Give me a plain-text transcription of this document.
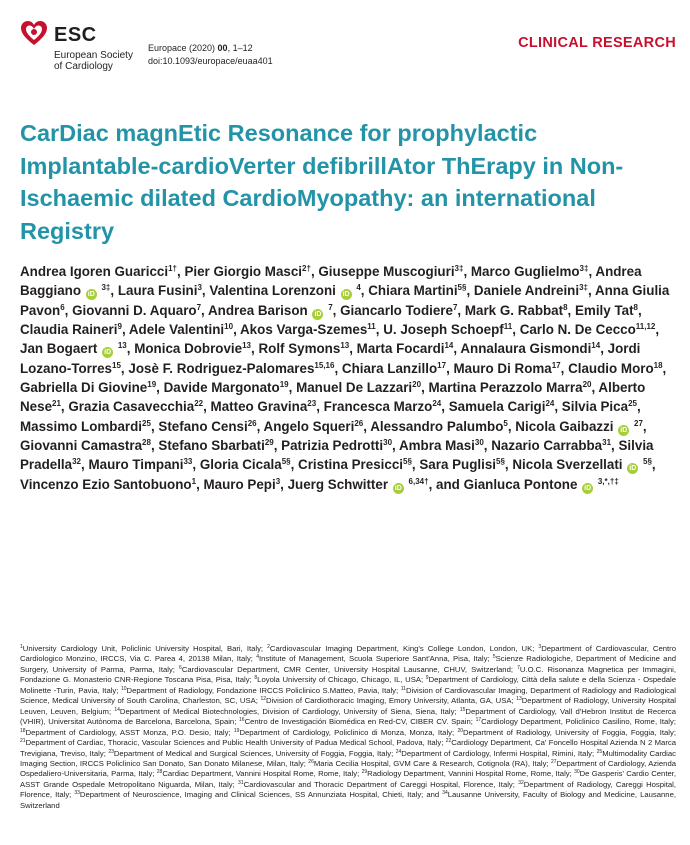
ESC
European Society of Cardiology
Europace (2020) 00, 1–12
doi:10.1093/europace/euaa401
CLINICAL RESEARCH
CarDiac magnEtic Resonance for prophylactic Implantable-cardioVerter defibrillAtor ThErapy in Non-Ischaemic dilated CardioMyopathy: an international Registry
Andrea Igoren Guaricci$^{1\dagger}$, Pier Giorgio Masci$^{2\dagger}$, Giuseppe Muscogiuri$^{3\ddagger}$, Marco Guglielmo$^{3\ddagger}$, Andrea Baggiano iD $^{3\ddagger}$, Laura Fusini$^3$, Valentina Lorenzoni iD $^4$, Chiara Martini$^{5\S}$, Daniele Andreini$^{3\ddagger}$, Anna Giulia Pavon$^6$, Giovanni D. Aquaro$^7$, Andrea Barison iD $^7$, Giancarlo Todiere$^7$, Mark G. Rabbat$^8$, Emily Tat$^8$, Claudia Raineri$^9$, Adele Valentini$^{10}$, Akos Varga-Szemes$^{11}$, U. Joseph Schoepf$^{11}$, Carlo N. De Cecco$^{11,12}$, Jan Bogaert iD $^{13}$, Monica Dobrovie$^{13}$, Rolf Symons$^{13}$, Marta Focardi$^{14}$, Annalaura Gismondi$^{14}$, Jordi Lozano-Torres$^{15}$, Josè F. Rodriguez-Palomares$^{15,16}$, Chiara Lanzillo$^{17}$, Mauro Di Roma$^{17}$, Claudio Moro$^{18}$, Gabriella Di Giovine$^{19}$, Davide Margonato$^{19}$, Manuel De Lazzari$^{20}$, Martina Perazzolo Marra$^{20}$, Alberto Nese$^{21}$, Grazia Casavecchia$^{22}$, Matteo Gravina$^{23}$, Francesca Marzo$^{24}$, Samuela Carigi$^{24}$, Silvia Pica$^{25}$, Massimo Lombardi$^{25}$, Stefano Censi$^{26}$, Angelo Squeri$^{26}$, Alessandro Palumbo$^5$, Nicola Gaibazzi iD $^{27}$, Giovanni Camastra$^{28}$, Stefano Sbarbati$^{29}$, Patrizia Pedrotti$^{30}$, Ambra Masi$^{30}$, Nazario Carrabba$^{31}$, Silvia Pradella$^{32}$, Mauro Timpani$^{33}$, Gloria Cicala$^{5\S}$, Cristina Presicci$^{5\S}$, Sara Puglisi$^{5\S}$, Nicola Sverzellati iD $^{5\S}$, Vincenzo Ezio Santobuono$^1$, Mauro Pepi$^3$, Juerg Schwitter iD $^{6,34\dagger}$, and Gianluca Pontone iD $^{3,*,\dagger\ddagger}$
$^1$University Cardiology Unit, Policlinic University Hospital, Bari, Italy; $^2$Cardiovascular Imaging Department, King's College London, London, UK; $^3$Department of Cardiovascular, Centro Cardiologico Monzino, IRCCS, Via C. Parea 4, 20138 Milan, Italy; $^4$Institute of Management, Scuola Superiore Sant'Anna, Pisa, Italy; $^5$Scienze Radiologiche, Department of Medicine and Surgery, University of Parma, Parma, Italy; $^6$Cardiovascular Department, CMR Center, University Hospital Lausanne, CHUV, Switzerland; $^7$U.O.C. Risonanza Magnetica per Immagini, Fondazione G. Monasterio CNR-Regione Toscana Pisa, Pisa, Italy; $^8$Loyola University of Chicago, Chicago, IL, USA; $^9$Department of Cardiology, Città della salute e della Scienza - Ospedale Molinette -Turin, Pavia, Italy; $^{10}$Department of Radiology, Fondazione IRCCS Policlinico S.Matteo, Pavia, Italy; $^{11}$Division of Cardiovascular Imaging, Department of Radiology and Radiological Science, Medical University of South Carolina, Charleston, SC, USA; $^{12}$Division of Cardiothoracic Imaging, Emory University, Atlanta, GA, USA; $^{13}$Department of Radiology, University Hospital Leuven, Leuven, Belgium; $^{14}$Department of Medical Biotechnologies, Division of Cardiology, University of Siena, Siena, Italy; $^{15}$Department of Cardiology, Vall d'Hebron Institut de Recerca (VHIR), Universitat Autònoma de Barcelona, Barcelona, Spain; $^{16}$Centro de Investigación Biomédica en Red-CV, CIBER CV. Spain; $^{17}$Cardiology Department, Policlinico Casilino, Rome, Italy; $^{18}$Department of Cardiology, ASST Monza, P.O. Desio, Italy; $^{19}$Department of Cardiology, Policlinico di Monza, Monza, Italy; $^{20}$Department of Radiology, University of Foggia, Foggia, Italy; $^{21}$Department of Cardiac, Thoracic, Vascular Sciences and Public Health University of Padua Medical School, Padova, Italy; $^{22}$Cardiology Department, Ca' Foncello Hospital Azienda N 2 Marca Trevigiana, Treviso, Italy; $^{23}$Department of Medical and Surgical Sciences, University of Foggia, Foggia, Italy; $^{24}$Department of Cardiology, Infermi Hospital, Rimini, Italy; $^{25}$Multimodality Cardiac Imaging Section, IRCCS Policlinico San Donato, San Donato Milanese, Milan, Italy; $^{26}$Maria Cecilia Hospital, GVM Care & Research, Cotignola (RA), Italy; $^{27}$Department of Cardiology, Azienda Ospedaliero-Universitaria, Parma, Italy; $^{28}$Cardiac Department, Vannini Hospital Rome, Rome, Italy; $^{29}$Radiology Department, Vannini Hospital Rome, Rome, Italy; $^{30}$De Gasperis' Cardio Center, ASST Grande Ospedale Metropolitano Niguarda, Milan, Italy; $^{31}$Cardiovascular and Thoracic Department of Careggi Hospital, Florence, Italy; $^{32}$Department of Radiology, Careggi Hospital, Florence, Italy; $^{33}$Department of Neuroscience, Imaging and Clinical Sciences, SS Annunziata Hospital, Chieti, Italy; and $^{34}$Lausanne University, Faculty of Biology and Medicine, Lausanne, Switzerland
